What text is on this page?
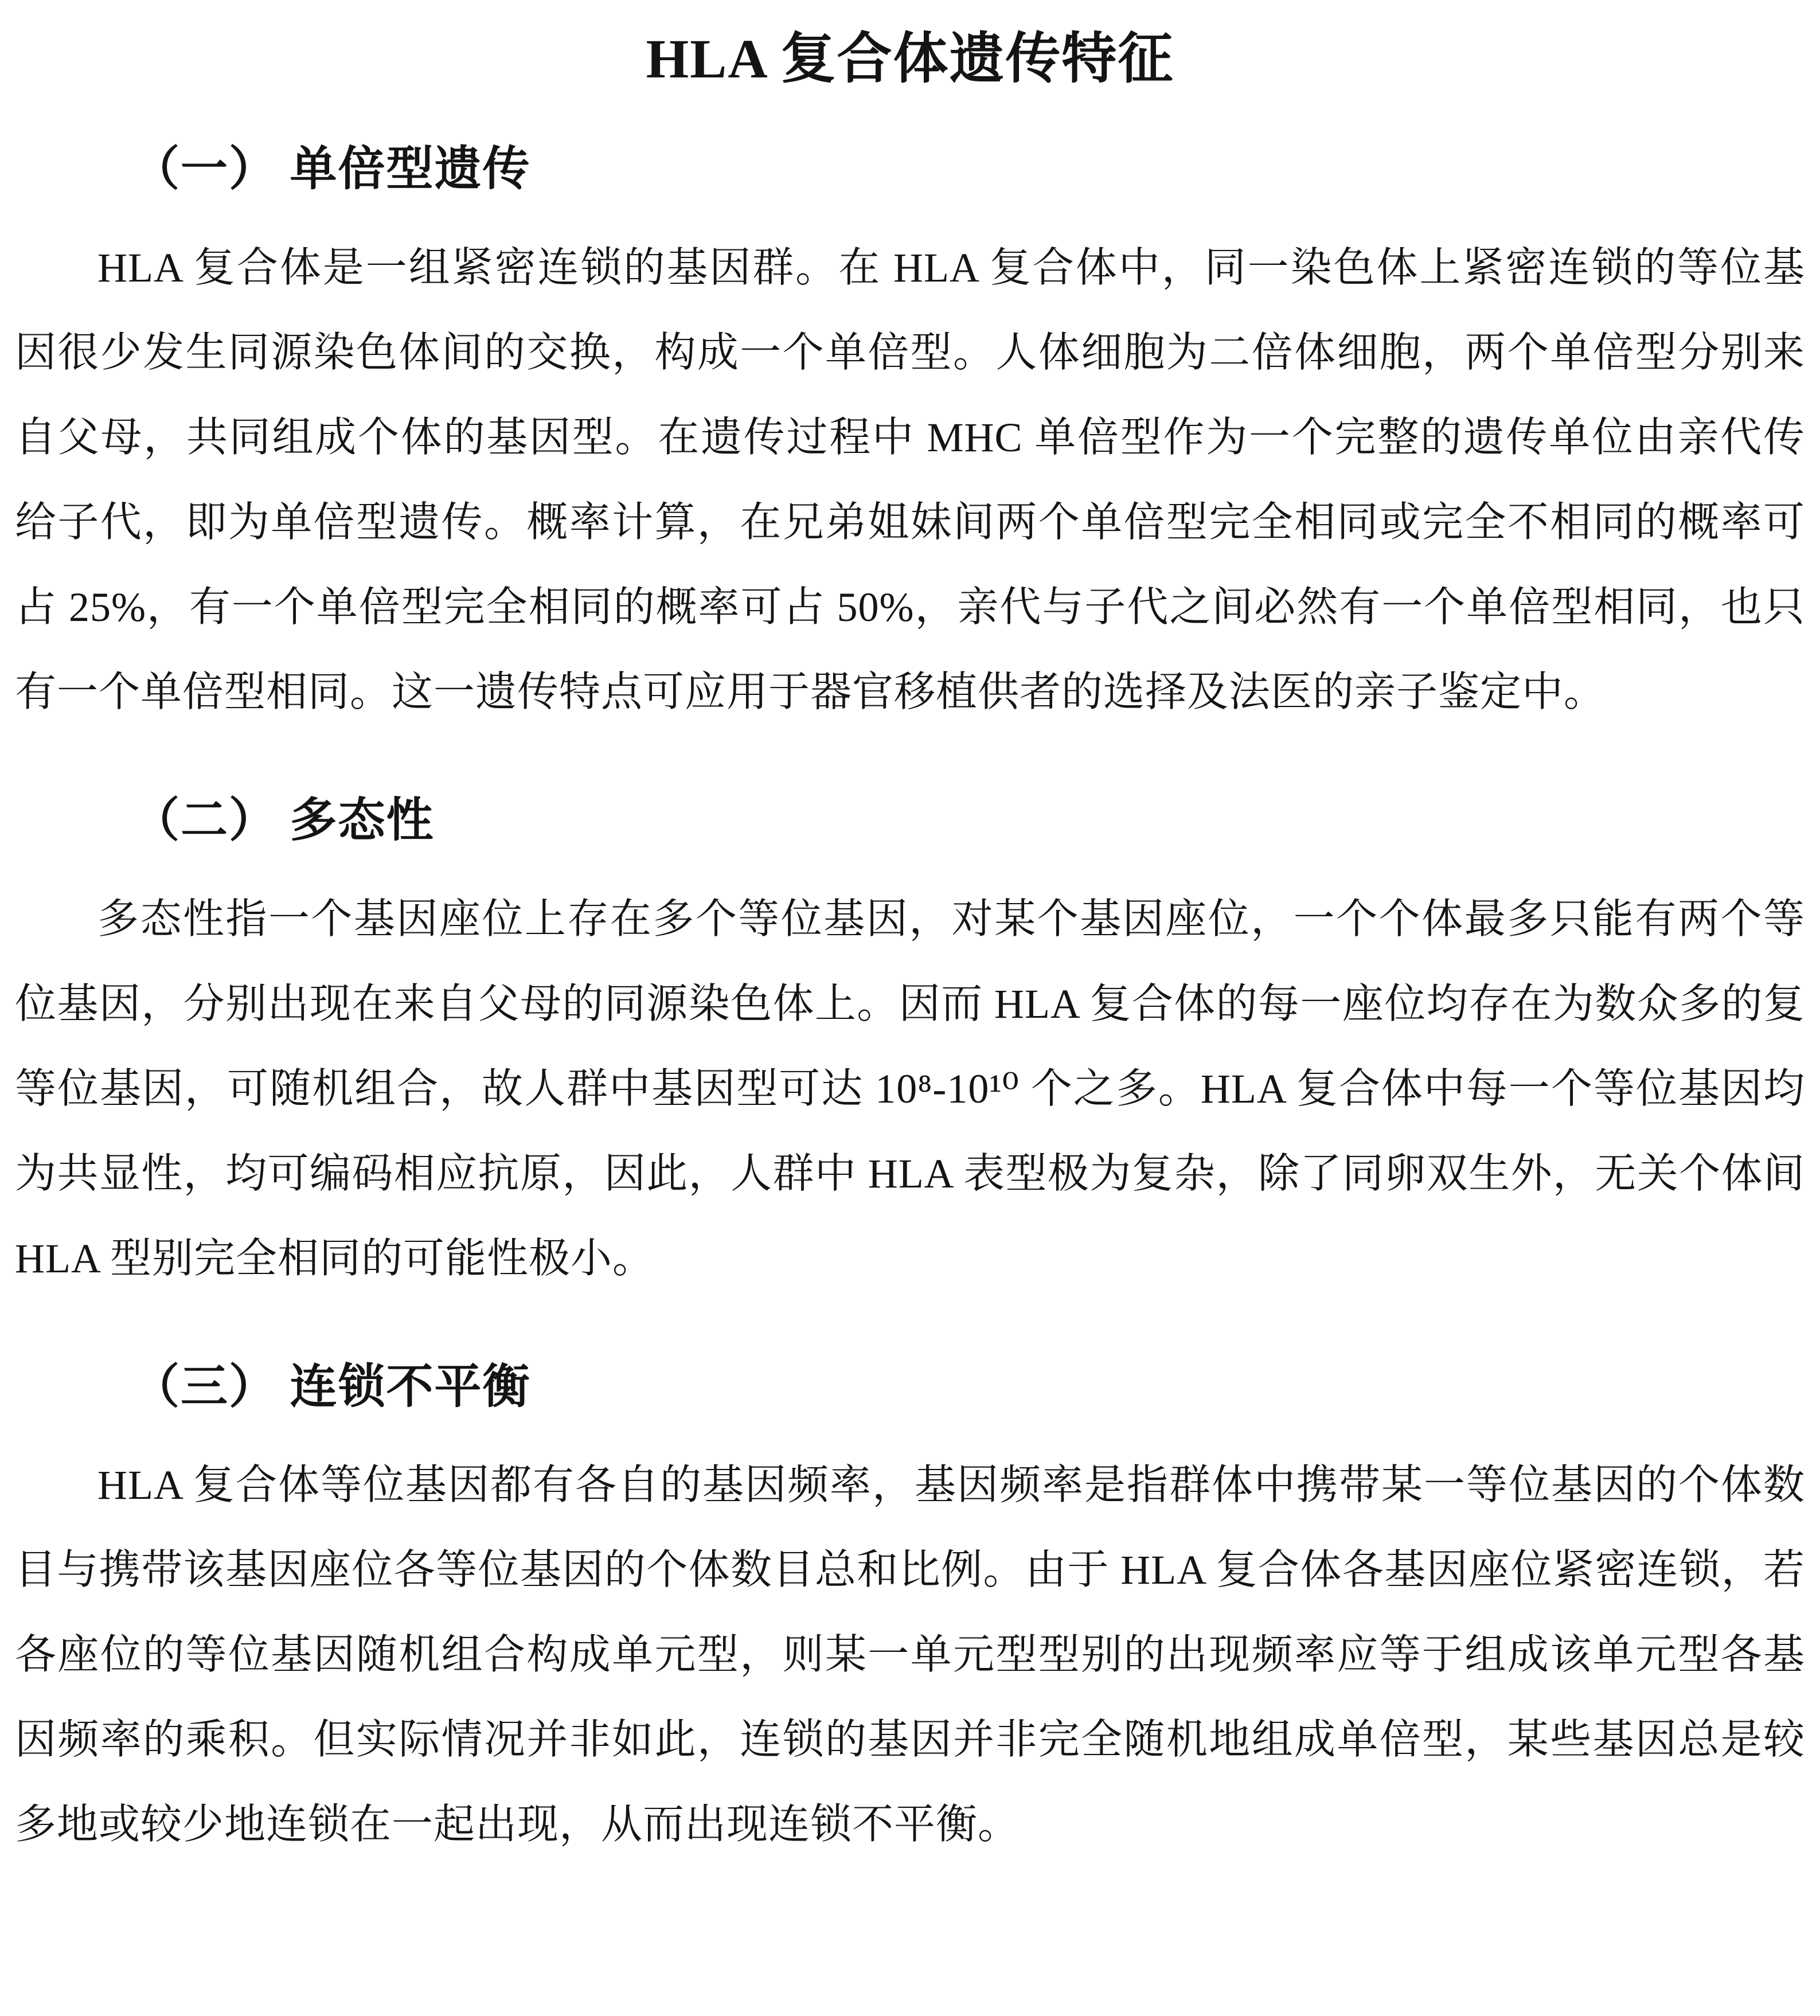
HLA 复合体遗传特征
（一） 单倍型遗传

HLA 复合体是一组紧密连锁的基因群。在 HLA 复合体中，同一染色体上紧密连锁的等位基因很少发生同源染色体间的交换，构成一个单倍型。人体细胞为二倍体细胞，两个单倍型分别来自父母，共同组成个体的基因型。在遗传过程中 MHC 单倍型作为一个完整的遗传单位由亲代传给子代，即为单倍型遗传。概率计算，在兄弟姐妹间两个单倍型完全相同或完全不相同的概率可占 25%，有一个单倍型完全相同的概率可占 50%，亲代与子代之间必然有一个单倍型相同，也只有一个单倍型相同。这一遗传特点可应用于器官移植供者的选择及法医的亲子鉴定中。

（二） 多态性

多态性指一个基因座位上存在多个等位基因，对某个基因座位，一个个体最多只能有两个等位基因，分别出现在来自父母的同源染色体上。因而 HLA 复合体的每一座位均存在为数众多的复等位基因，可随机组合，故人群中基因型可达 10⁸-10¹⁰ 个之多。HLA 复合体中每一个等位基因均为共显性，均可编码相应抗原，因此，人群中 HLA 表型极为复杂，除了同卵双生外，无关个体间 HLA 型别完全相同的可能性极小。

（三） 连锁不平衡

HLA 复合体等位基因都有各自的基因频率，基因频率是指群体中携带某一等位基因的个体数目与携带该基因座位各等位基因的个体数目总和比例。由于 HLA 复合体各基因座位紧密连锁，若各座位的等位基因随机组合构成单元型，则某一单元型型别的出现频率应等于组成该单元型各基因频率的乘积。但实际情况并非如此，连锁的基因并非完全随机地组成单倍型，某些基因总是较多地或较少地连锁在一起出现，从而出现连锁不平衡。
